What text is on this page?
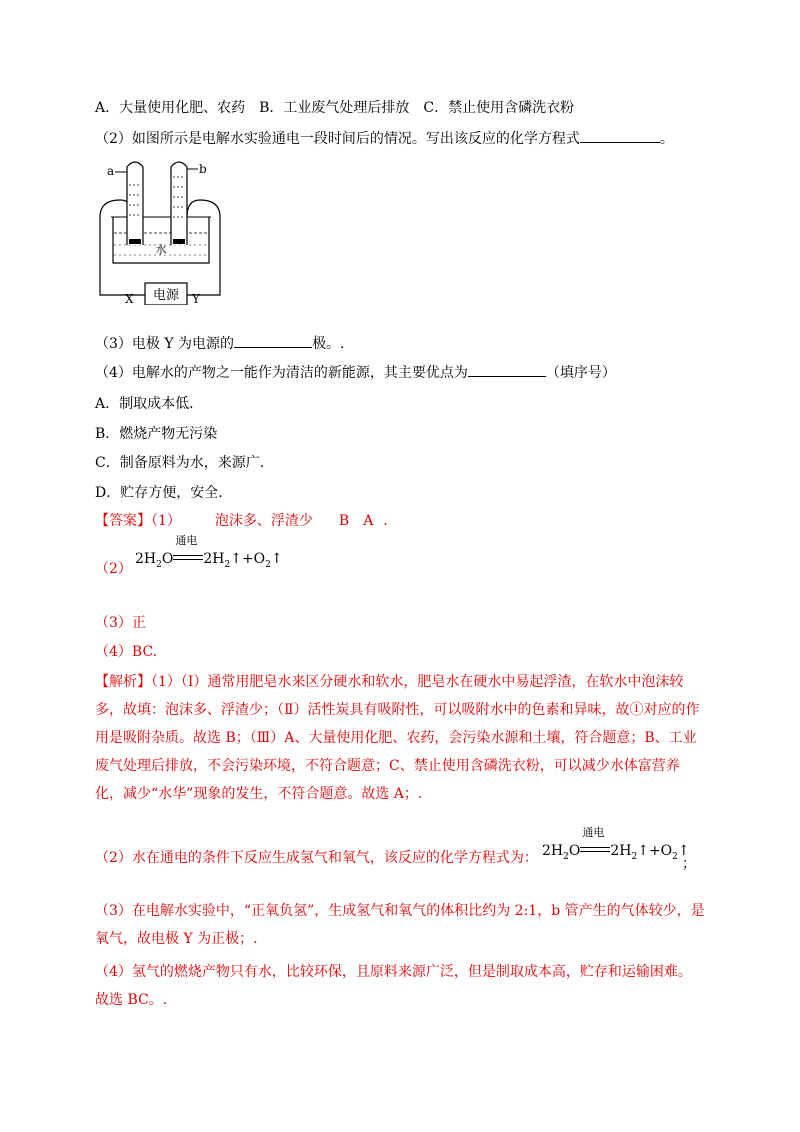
A．大量使用化肥、农药　B．工业废气处理后排放　C．禁止使用含磷洗衣粉
（2）如图所示是电解水实验通电一段时间后的情况。写出该反应的化学方程式	。
电源
X	Y
水
a	b
（3）电极 Y 为电源的	极。.
（4）电解水的产物之一能作为清洁的新能源，其主要优点为	（填序号）
A．制取成本低.
B．燃烧产物无污染
C．制备原料为水，来源广.
D．贮存方便，安全.
【答案】（1） 泡沫多、浮渣少 B A .
（2）
$2H_2O$
通电
$2H_2↑+O_2↑$
（3）正
（4）BC.
【解析】（1）（Ⅰ）通常用肥皂水来区分硬水和软水，肥皂水在硬水中易起浮渣，在软水中泡沫较多，故填：泡沫多、浮渣少；（Ⅱ）活性炭具有吸附性，可以吸附水中的色素和异味，故①对应的作用是吸附杂质。故选 B；（Ⅲ）A、大量使用化肥、农药，会污染水源和土壤，符合题意；B、工业废气处理后排放，不会污染环境，不符合题意；C、禁止使用含磷洗衣粉，可以减少水体富营养化，减少“水华”现象的发生，不符合题意。故选 A；.
（2）水在通电的条件下反应生成氢气和氧气，该反应的化学方程式为： $2H_2O$
通电
$2H_2↑+O_2↑$
；
（3）在电解水实验中，“正氧负氢”，生成氢气和氧气的体积比约为 2:1，b 管产生的气体较少，是氧气，故电极 Y 为正极；.
（4）氢气的燃烧产物只有水，比较环保，且原料来源广泛，但是制取成本高，贮存和运输困难。故选 BC。.
